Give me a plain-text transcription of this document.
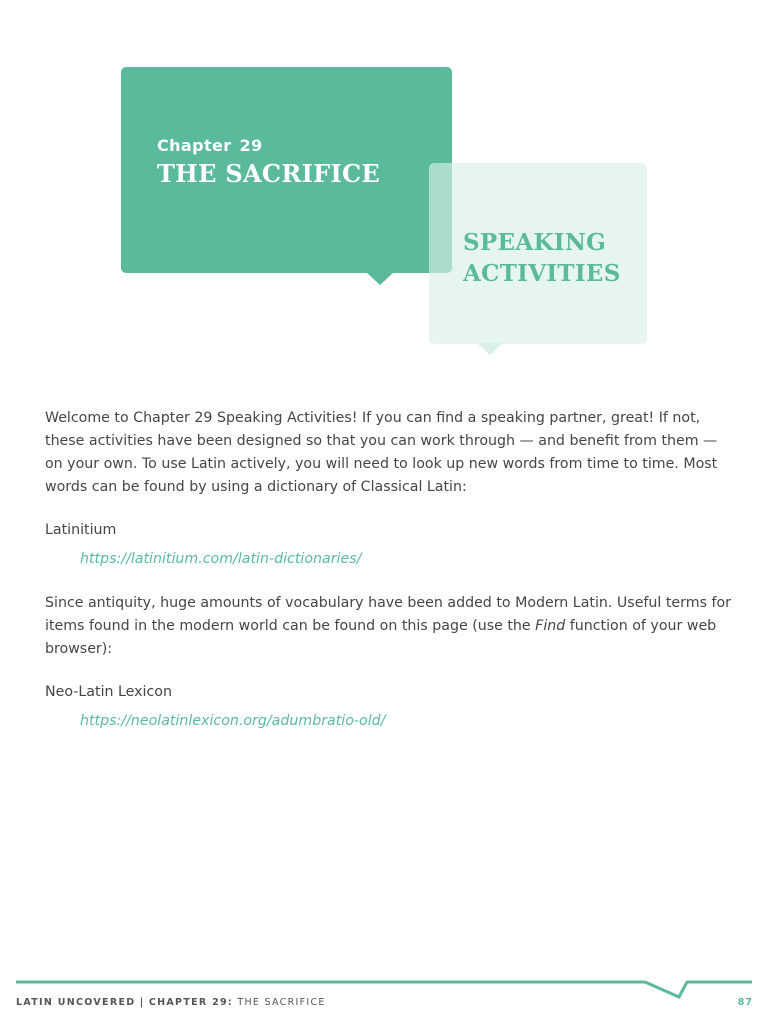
Chapter 29

THE SACRIFICE
SPEAKING
ACTIVITIES

Welcome to Chapter 29 Speaking Activities! If you can find a speaking partner, great! If not, these activities have been designed so that you can work through — and benefit from them — on your own. To use Latin actively, you will need to look up new words from time to time. Most words can be found by using a dictionary of Classical Latin:

Latinitium

https://latinitium.com/latin-dictionaries/

Since antiquity, huge amounts of vocabulary have been added to Modern Latin. Useful terms for items found in the modern world can be found on this page (use the Find function of your web browser):

Neo-Latin Lexicon

https://neolatinlexicon.org/adumbratio-old/

LATIN UNCOVERED | CHAPTER 29: THE SACRIFICE	87
